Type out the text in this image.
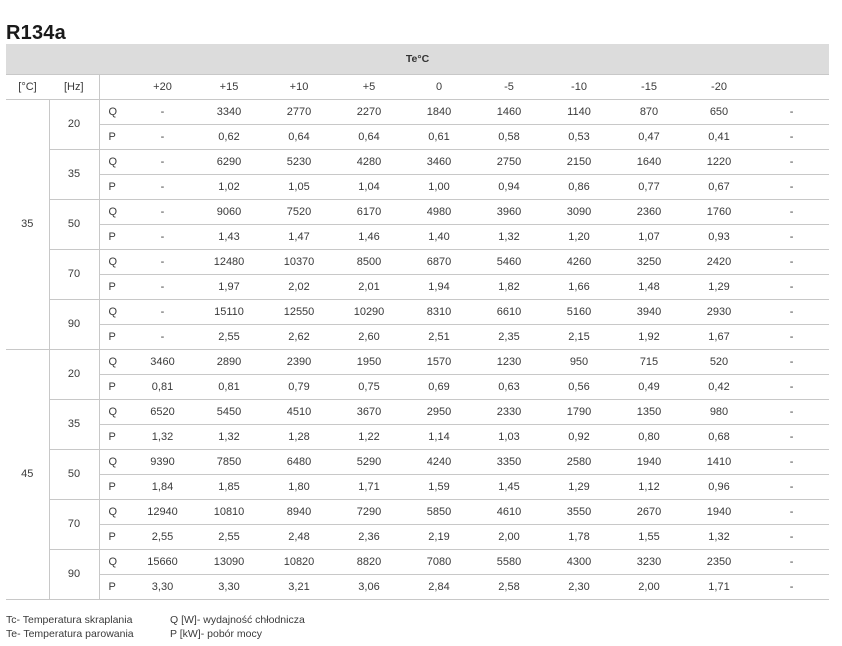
R134a
Te°C												
[°C]	[Hz]		+20	+15	+10	+5	0	-5	-10	-15	-20	
35	20	Q	-	3340	2770	2270	1840	1460	1140	870	650	-
		P	-	0,62	0,64	0,64	0,61	0,58	0,53	0,47	0,41	-
	35	Q	-	6290	5230	4280	3460	2750	2150	1640	1220	-
		P	-	1,02	1,05	1,04	1,00	0,94	0,86	0,77	0,67	-
	50	Q	-	9060	7520	6170	4980	3960	3090	2360	1760	-
		P	-	1,43	1,47	1,46	1,40	1,32	1,20	1,07	0,93	-
	70	Q	-	12480	10370	8500	6870	5460	4260	3250	2420	-
		P	-	1,97	2,02	2,01	1,94	1,82	1,66	1,48	1,29	-
	90	Q	-	15110	12550	10290	8310	6610	5160	3940	2930	-
		P	-	2,55	2,62	2,60	2,51	2,35	2,15	1,92	1,67	-
45	20	Q	3460	2890	2390	1950	1570	1230	950	715	520	-
		P	0,81	0,81	0,79	0,75	0,69	0,63	0,56	0,49	0,42	-
	35	Q	6520	5450	4510	3670	2950	2330	1790	1350	980	-
		P	1,32	1,32	1,28	1,22	1,14	1,03	0,92	0,80	0,68	-
	50	Q	9390	7850	6480	5290	4240	3350	2580	1940	1410	-
		P	1,84	1,85	1,80	1,71	1,59	1,45	1,29	1,12	0,96	-
	70	Q	12940	10810	8940	7290	5850	4610	3550	2670	1940	-
		P	2,55	2,55	2,48	2,36	2,19	2,00	1,78	1,55	1,32	-
	90	Q	15660	13090	10820	8820	7080	5580	4300	3230	2350	-
		P	3,30	3,30	3,21	3,06	2,84	2,58	2,30	2,00	1,71	-
Tc- Temperatura skraplania
Te- Temperatura parowania
Q [W]- wydajność chłodnicza
P [kW]- pobór mocy
